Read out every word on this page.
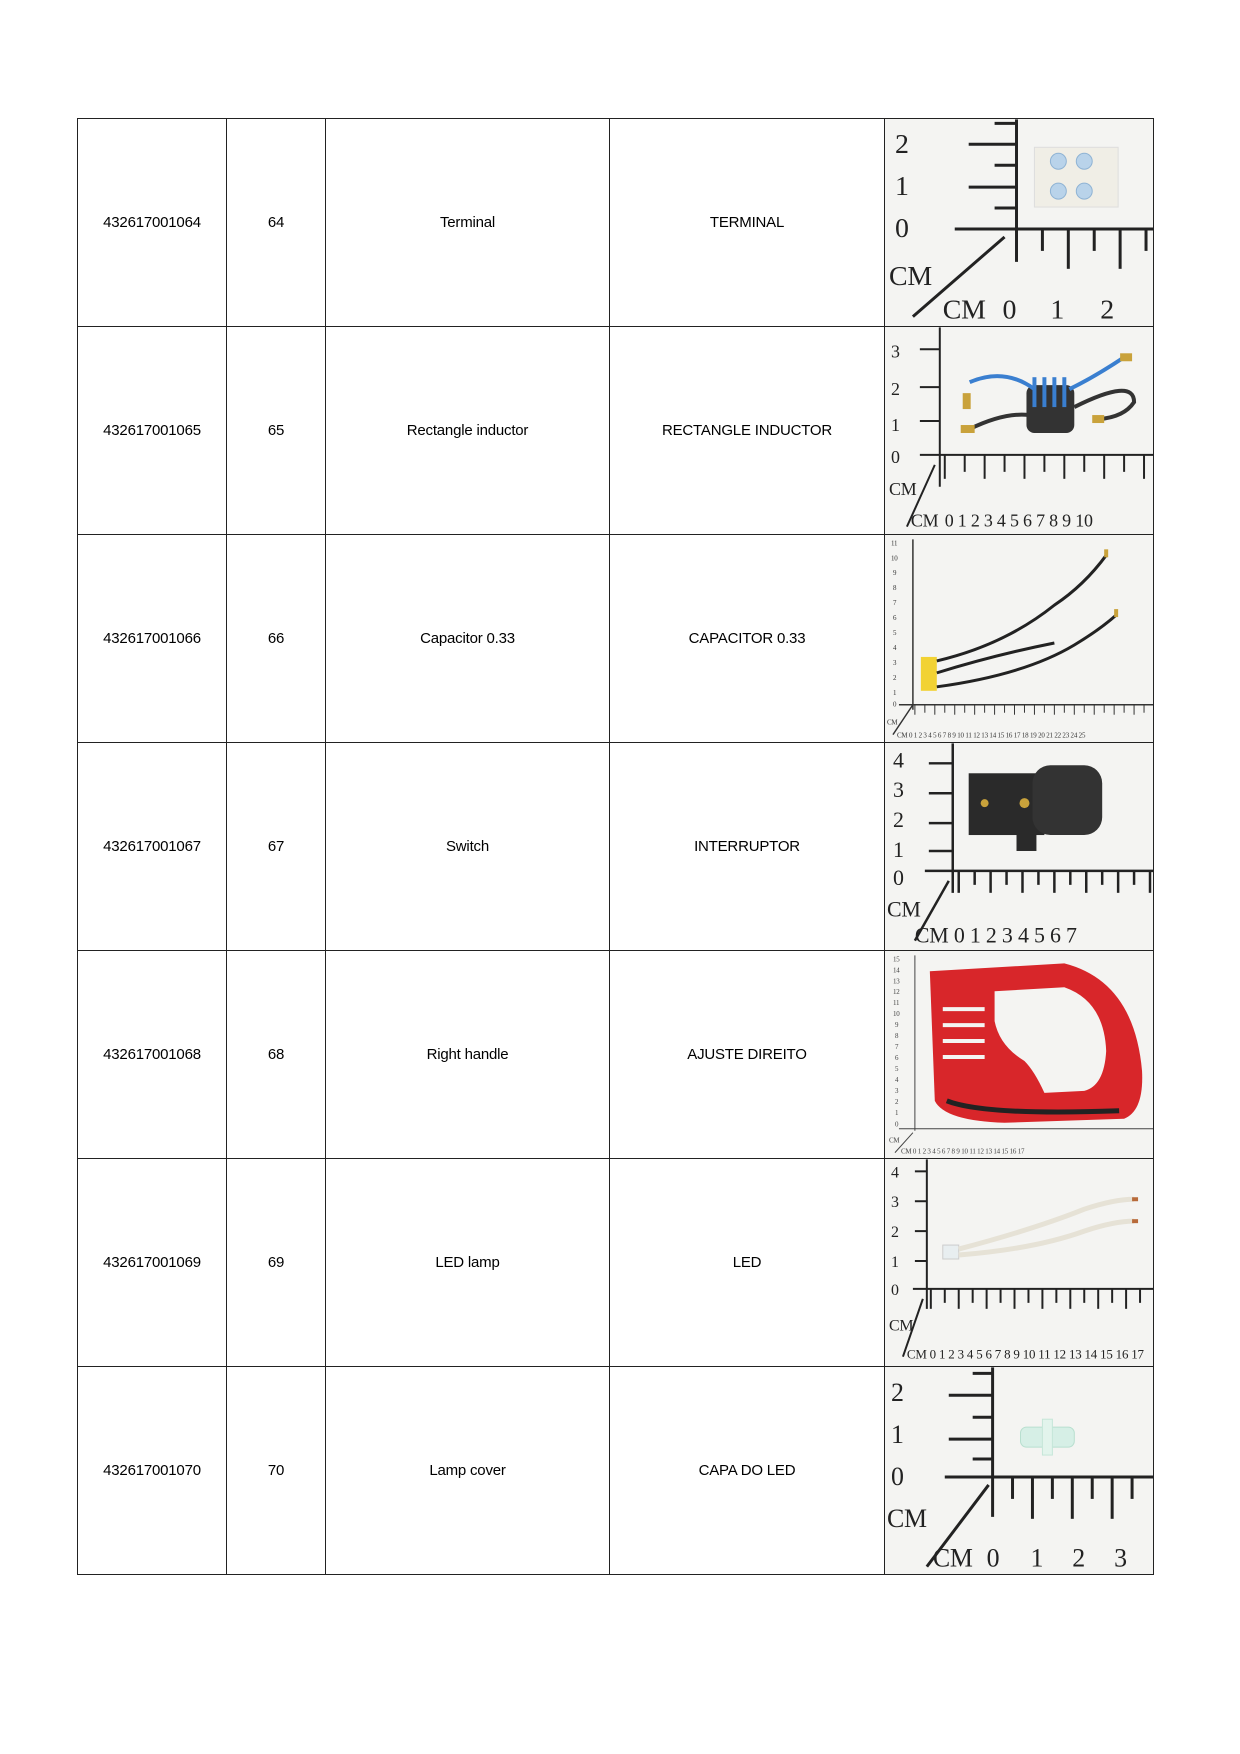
432617001064	64	Terminal	TERMINAL	
2
1
0
CM
CM 0 1 2

432617001065	65	Rectangle inductor	RECTANGLE INDUCTOR	
3
2
1
0
CM
CM 0 1 2 3 4 5 6 7 8 9 10

432617001066	66	Capacitor 0.33	CAPACITOR 0.33	
11
10
9
8
7
6
5
4
3
2
1
0
CM
CM 0 1 2 3 4 5 6 7 8 9 10 11 12 13 14 15 16 17 18 19 20 21 22 23 24 25

432617001067	67	Switch	INTERRUPTOR	
4
3
2
1
0
CM
CM 0 1 2 3 4 5 6 7

432617001068	68	Right handle	AJUSTE DIREITO	
15
14
13
12
11
10
9
8
7
6
5
4
3
2
1
0
CM
CM 0 1 2 3 4 5 6 7 8 9 10 11 12 13 14 15 16 17

432617001069	69	LED lamp	LED	
4
3
2
1
0
CM
CM 0 1 2 3 4 5 6 7 8 9 10 11 12 13 14 15 16 17

432617001070	70	Lamp cover	CAPA DO LED	
2
1
0
CM
CM 0 1 2 3
